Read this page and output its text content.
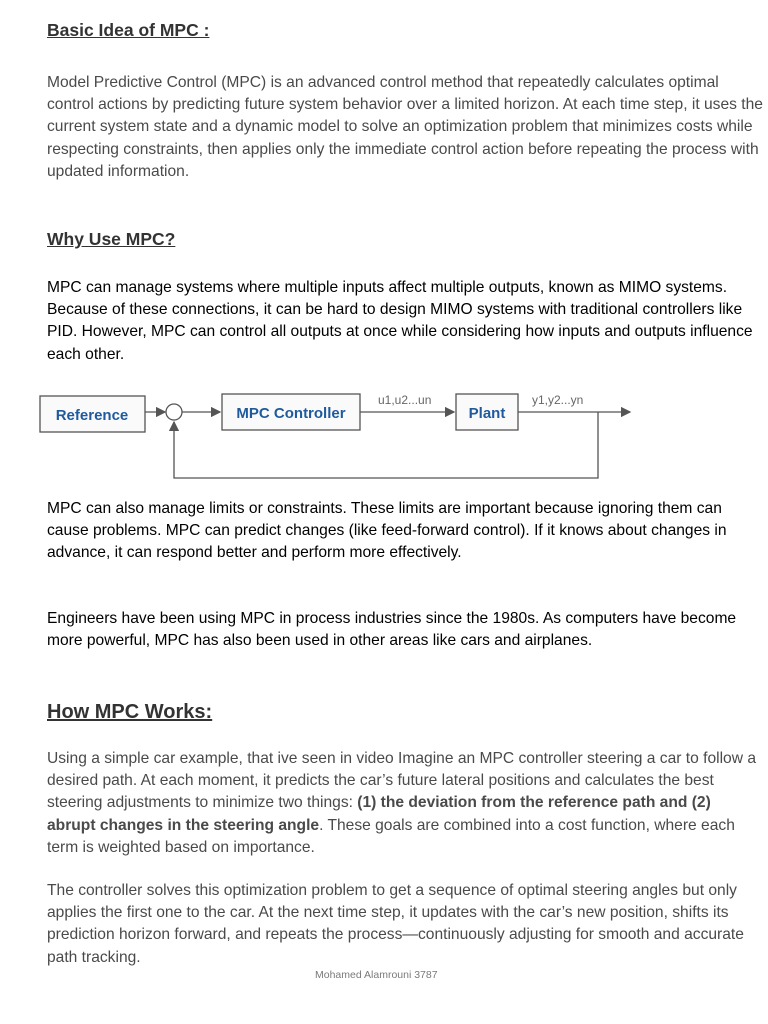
Basic Idea of MPC :

Model Predictive Control (MPC) is an advanced control method that repeatedly calculates optimal control actions by predicting future system behavior over a limited horizon. At each time step, it uses the current system state and a dynamic model to solve an optimization problem that minimizes costs while respecting constraints, then applies only the immediate control action before repeating the process with updated information.

Why Use MPC?

MPC can manage systems where multiple inputs affect multiple outputs, known as MIMO systems. Because of these connections, it can be hard to design MIMO systems with traditional controllers like PID. However, MPC can control all outputs at once while considering how inputs and outputs influence each other.

MPC can also manage limits or constraints. These limits are important because ignoring them can cause problems. MPC can predict changes (like feed-forward control). If it knows about changes in advance, it can respond better and perform more effectively.

Engineers have been using MPC in process industries since the 1980s. As computers have become more powerful, MPC has also been used in other areas like cars and airplanes.

How MPC Works:

Using a simple car example, that ive seen in video Imagine an MPC controller steering a car to follow a desired path. At each moment, it predicts the car’s future lateral positions and calculates the best steering adjustments to minimize two things: (1) the deviation from the reference path and (2) abrupt changes in the steering angle. These goals are combined into a cost function, where each term is weighted based on importance.

The controller solves this optimization problem to get a sequence of optimal steering angles but only applies the first one to the car. At the next time step, it updates with the car’s new position, shifts its prediction horizon forward, and repeats the process—continuously adjusting for smooth and accurate path tracking.

Reference	MPC Controller
u1,u2...un
Plant
y1,y2...yn
Mohamed Alamrouni 3787
